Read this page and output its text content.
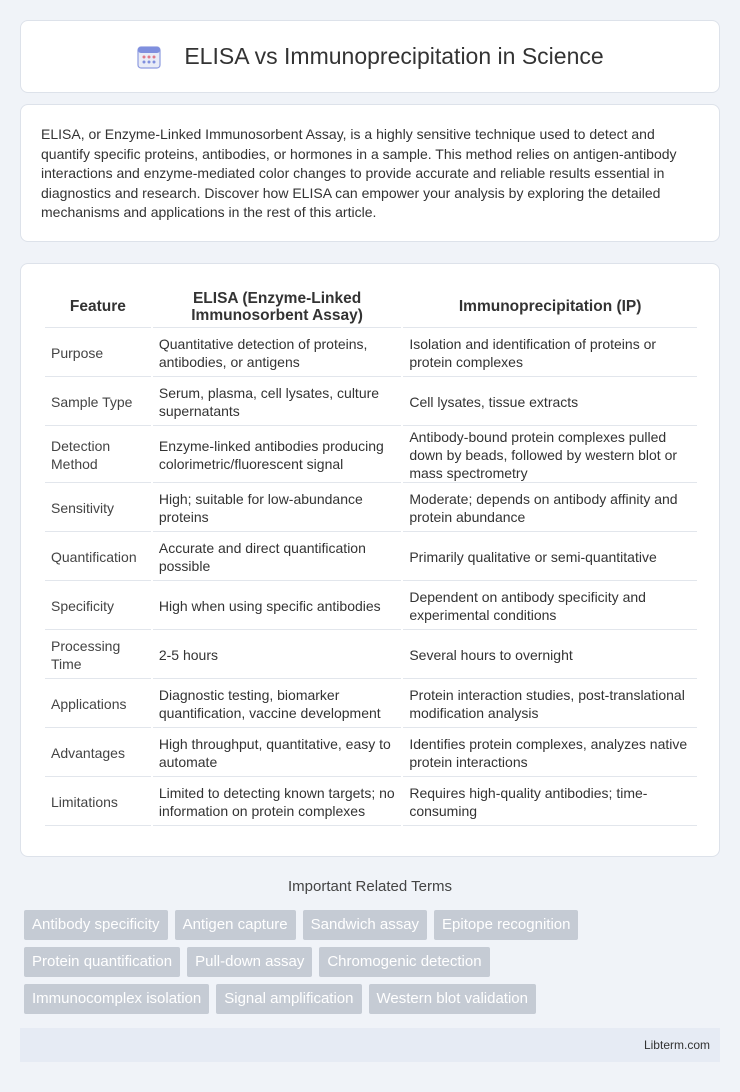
ELISA vs Immunoprecipitation in Science

ELISA, or Enzyme-Linked Immunosorbent Assay, is a highly sensitive technique used to detect and quantify specific proteins, antibodies, or hormones in a sample. This method relies on antigen-antibody interactions and enzyme-mediated color changes to provide accurate and reliable results essential in diagnostics and research. Discover how ELISA can empower your analysis by exploring the detailed mechanisms and applications in the rest of this article.

Feature	ELISA (Enzyme-Linked Immunosorbent Assay)	Immunoprecipitation (IP)
Purpose	Quantitative detection of proteins, antibodies, or antigens	Isolation and identification of proteins or protein complexes
Sample Type	Serum, plasma, cell lysates, culture supernatants	Cell lysates, tissue extracts
Detection Method	Enzyme-linked antibodies producing colorimetric/fluorescent signal	Antibody-bound protein complexes pulled down by beads, followed by western blot or mass spectrometry
Sensitivity	High; suitable for low-abundance proteins	Moderate; depends on antibody affinity and protein abundance
Quantification	Accurate and direct quantification possible	Primarily qualitative or semi-quantitative
Specificity	High when using specific antibodies	Dependent on antibody specificity and experimental conditions
Processing Time	2-5 hours	Several hours to overnight
Applications	Diagnostic testing, biomarker quantification, vaccine development	Protein interaction studies, post-translational modification analysis
Advantages	High throughput, quantitative, easy to automate	Identifies protein complexes, analyzes native protein interactions
Limitations	Limited to detecting known targets; no information on protein complexes	Requires high-quality antibodies; time-consuming
Important Related Terms
Antibody specificity	Antigen capture	Sandwich assay	Epitope recognition
Protein quantification	Pull-down assay	Chromogenic detection
Immunocomplex isolation	Signal amplification	Western blot validation
Libterm.com
